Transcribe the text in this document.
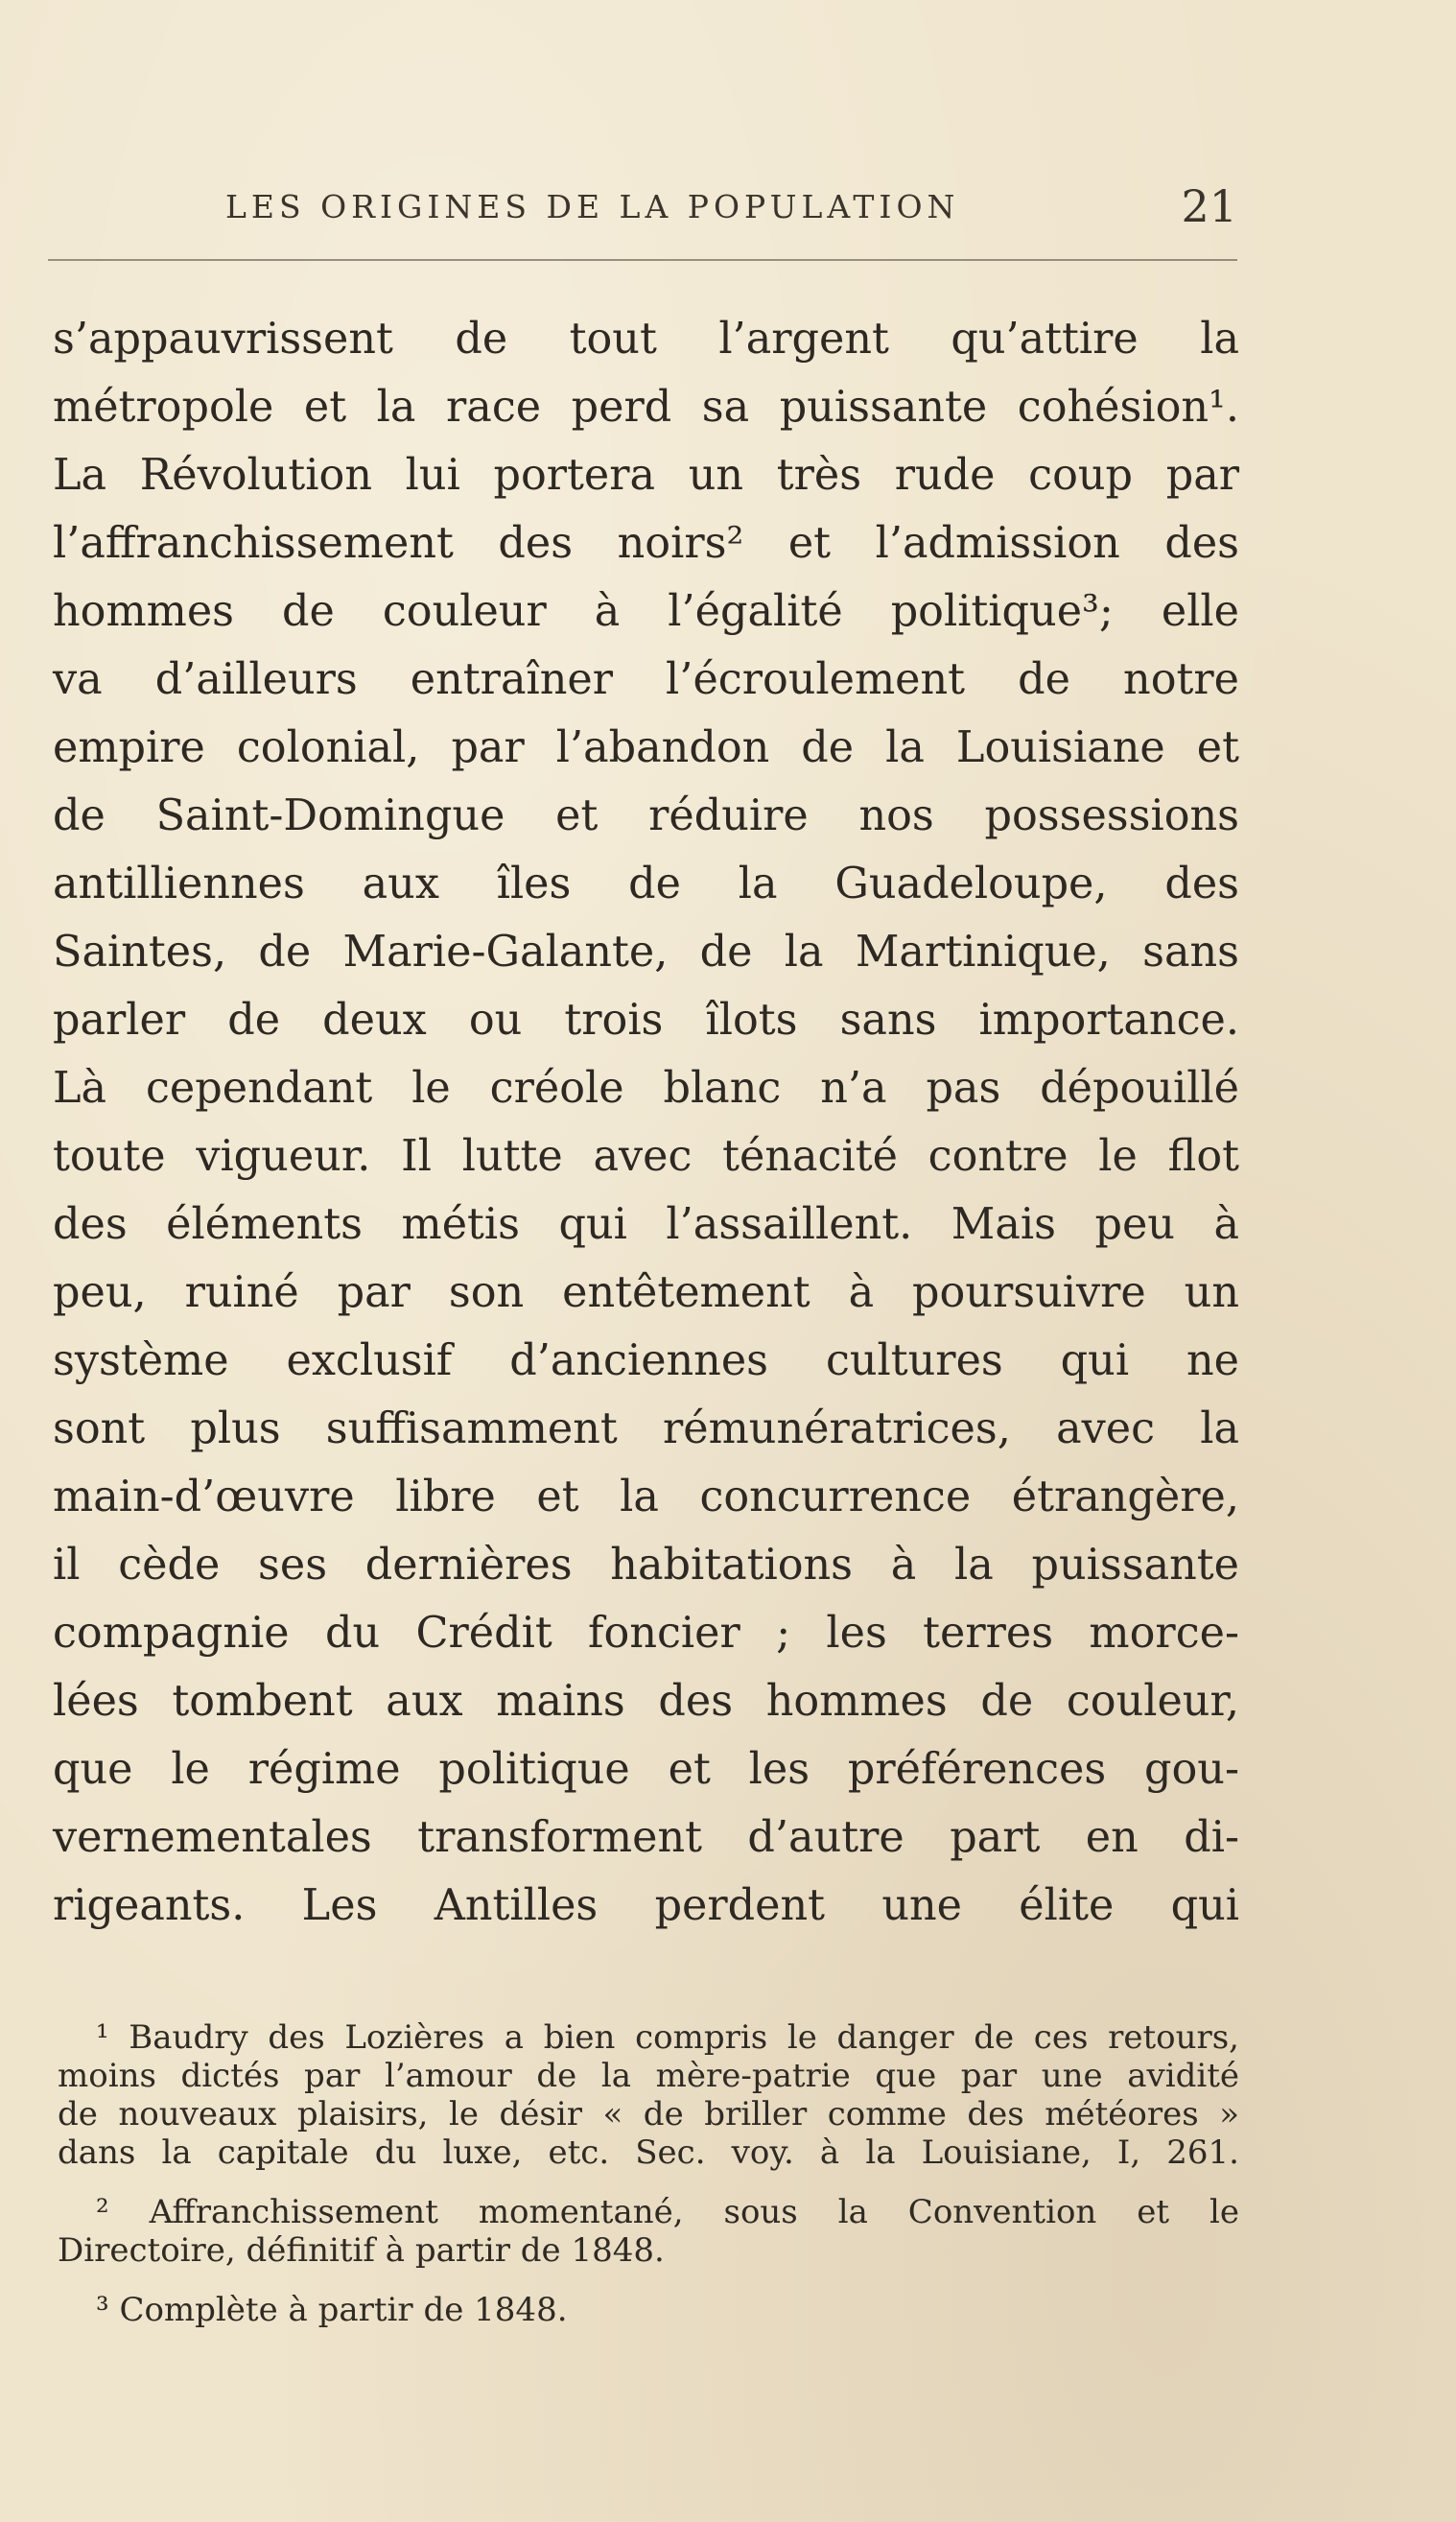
LES ORIGINES DE LA POPULATION	21
s’appauvrissent de tout l’argent qu’attire la
métropole et la race perd sa puissante cohésion¹.
La Révolution lui portera un très rude coup par
l’affranchissement des noirs² et l’admission des
hommes de couleur à l’égalité politique³; elle
va d’ailleurs entraîner l’écroulement de notre
empire colonial, par l’abandon de la Louisiane et
de Saint-Domingue et réduire nos possessions
antilliennes aux îles de la Guadeloupe, des
Saintes, de Marie-Galante, de la Martinique, sans
parler de deux ou trois îlots sans importance.
Là cependant le créole blanc n’a pas dépouillé
toute vigueur. Il lutte avec ténacité contre le flot
des éléments métis qui l’assaillent. Mais peu à
peu, ruiné par son entêtement à poursuivre un
système exclusif d’anciennes cultures qui ne
sont plus suffisamment rémunératrices, avec la
main-d’œuvre libre et la concurrence étrangère,
il cède ses dernières habitations à la puissante
compagnie du Crédit foncier ; les terres morce-
lées tombent aux mains des hommes de couleur,
que le régime politique et les préférences gou-
vernementales transforment d’autre part en di-
rigeants. Les Antilles perdent une élite qui
¹ Baudry des Lozières a bien compris le danger de ces retours,
moins dictés par l’amour de la mère-patrie que par une avidité
de nouveaux plaisirs, le désir « de briller comme des météores »
dans la capitale du luxe, etc. Sec. voy. à la Louisiane, I, 261.
² Affranchissement momentané, sous la Convention et le
Directoire, définitif à partir de 1848.
³ Complète à partir de 1848.
